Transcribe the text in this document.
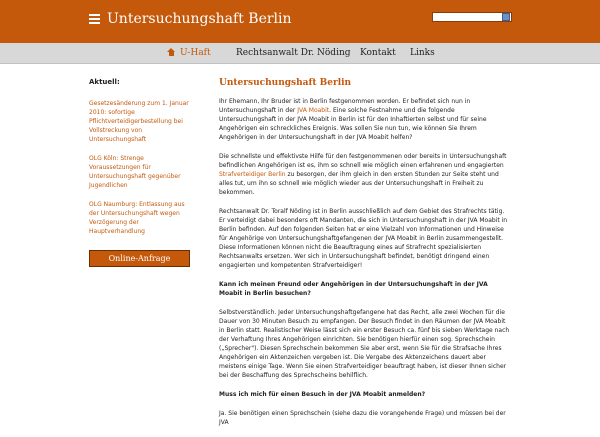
Untersuchungshaft Berlin
U-Haft	Rechtsanwalt Dr. Nöding	Kontakt	Links
Aktuell:
Gesetzesänderung zum 1. Januar 2010: sofortige Pflichtverteidigerbestellung bei Vollstreckung von Untersuchungshaft
OLG Köln: Strenge Voraussetzungen für Untersuchungshaft gegenüber Jugendlichen
OLG Naumburg: Entlassung aus der Untersuchungshaft wegen Verzögerung der Hauptverhandlung
Online-Anfrage
Untersuchungshaft Berlin

Ihr Ehemann, Ihr Bruder ist in Berlin festgenommen worden. Er befindet sich nun in Untersuchungshaft in der JVA Moabit. Eine solche Festnahme und die folgende Untersuchungshaft in der JVA Moabit in Berlin ist für den Inhaftierten selbst und für seine Angehörigen ein schreckliches Ereignis. Was sollen Sie nun tun, wie können Sie Ihrem Angehörigen in der Untersuchungshaft in der JVA Moabit helfen?

Die schnellste und effektivste Hilfe für den festgenommenen oder bereits in Untersuchungshaft befindlichen Angehörigen ist es, ihm so schnell wie möglich einen erfahrenen und engagierten Strafverteidiger Berlin zu besorgen, der ihm gleich in den ersten Stunden zur Seite steht und alles tut, um ihn so schnell wie möglich wieder aus der Untersuchungshaft in Freiheit zu bekommen.

Rechtsanwalt Dr. Toralf Nöding ist in Berlin ausschließlich auf dem Gebiet des Strafrechts tätig. Er verteidigt dabei besonders oft Mandanten, die sich in Untersuchungshaft in der JVA Moabit in Berlin befinden. Auf den folgenden Seiten hat er eine Vielzahl von Informationen und Hinweise für Angehörige von Untersuchungshaftgefangenen der JVA Moabit in Berlin zusammengestellt. Diese Informationen können nicht die Beauftragung eines auf Strafrecht spezialisierten Rechtsanwalts ersetzen. Wer sich in Untersuchungshaft befindet, benötigt dringend einen engagierten und kompetenten Strafverteidiger!

Kann ich meinen Freund oder Angehörigen in der Untersuchungshaft in der JVA Moabit in Berlin besuchen?

Selbstverständlich. Jeder Untersuchungshaftgefangene hat das Recht, alle zwei Wochen für die Dauer von 30 Minuten Besuch zu empfangen. Der Besuch findet in den Räumen der JVA Moabit in Berlin statt. Realistischer Weise lässt sich ein erster Besuch ca. fünf bis sieben Werktage nach der Verhaftung Ihres Angehörigen einrichten. Sie benötigen hierfür einen sog. Sprechschein („Sprecher"). Diesen Sprechschein bekommen Sie aber erst, wenn Sie für die Strafsache Ihres Angehörigen ein Aktenzeichen vergeben ist. Die Vergabe des Aktenzeichens dauert aber meistens einige Tage. Wenn Sie einen Strafverteidiger beauftragt haben, ist dieser Ihnen sicher bei der Beschaffung des Sprechscheins behilflich.

Muss ich mich für einen Besuch in der JVA Moabit anmelden?

Ja. Sie benötigen einen Sprechschein (siehe dazu die vorangehende Frage) und müssen bei der JVA
